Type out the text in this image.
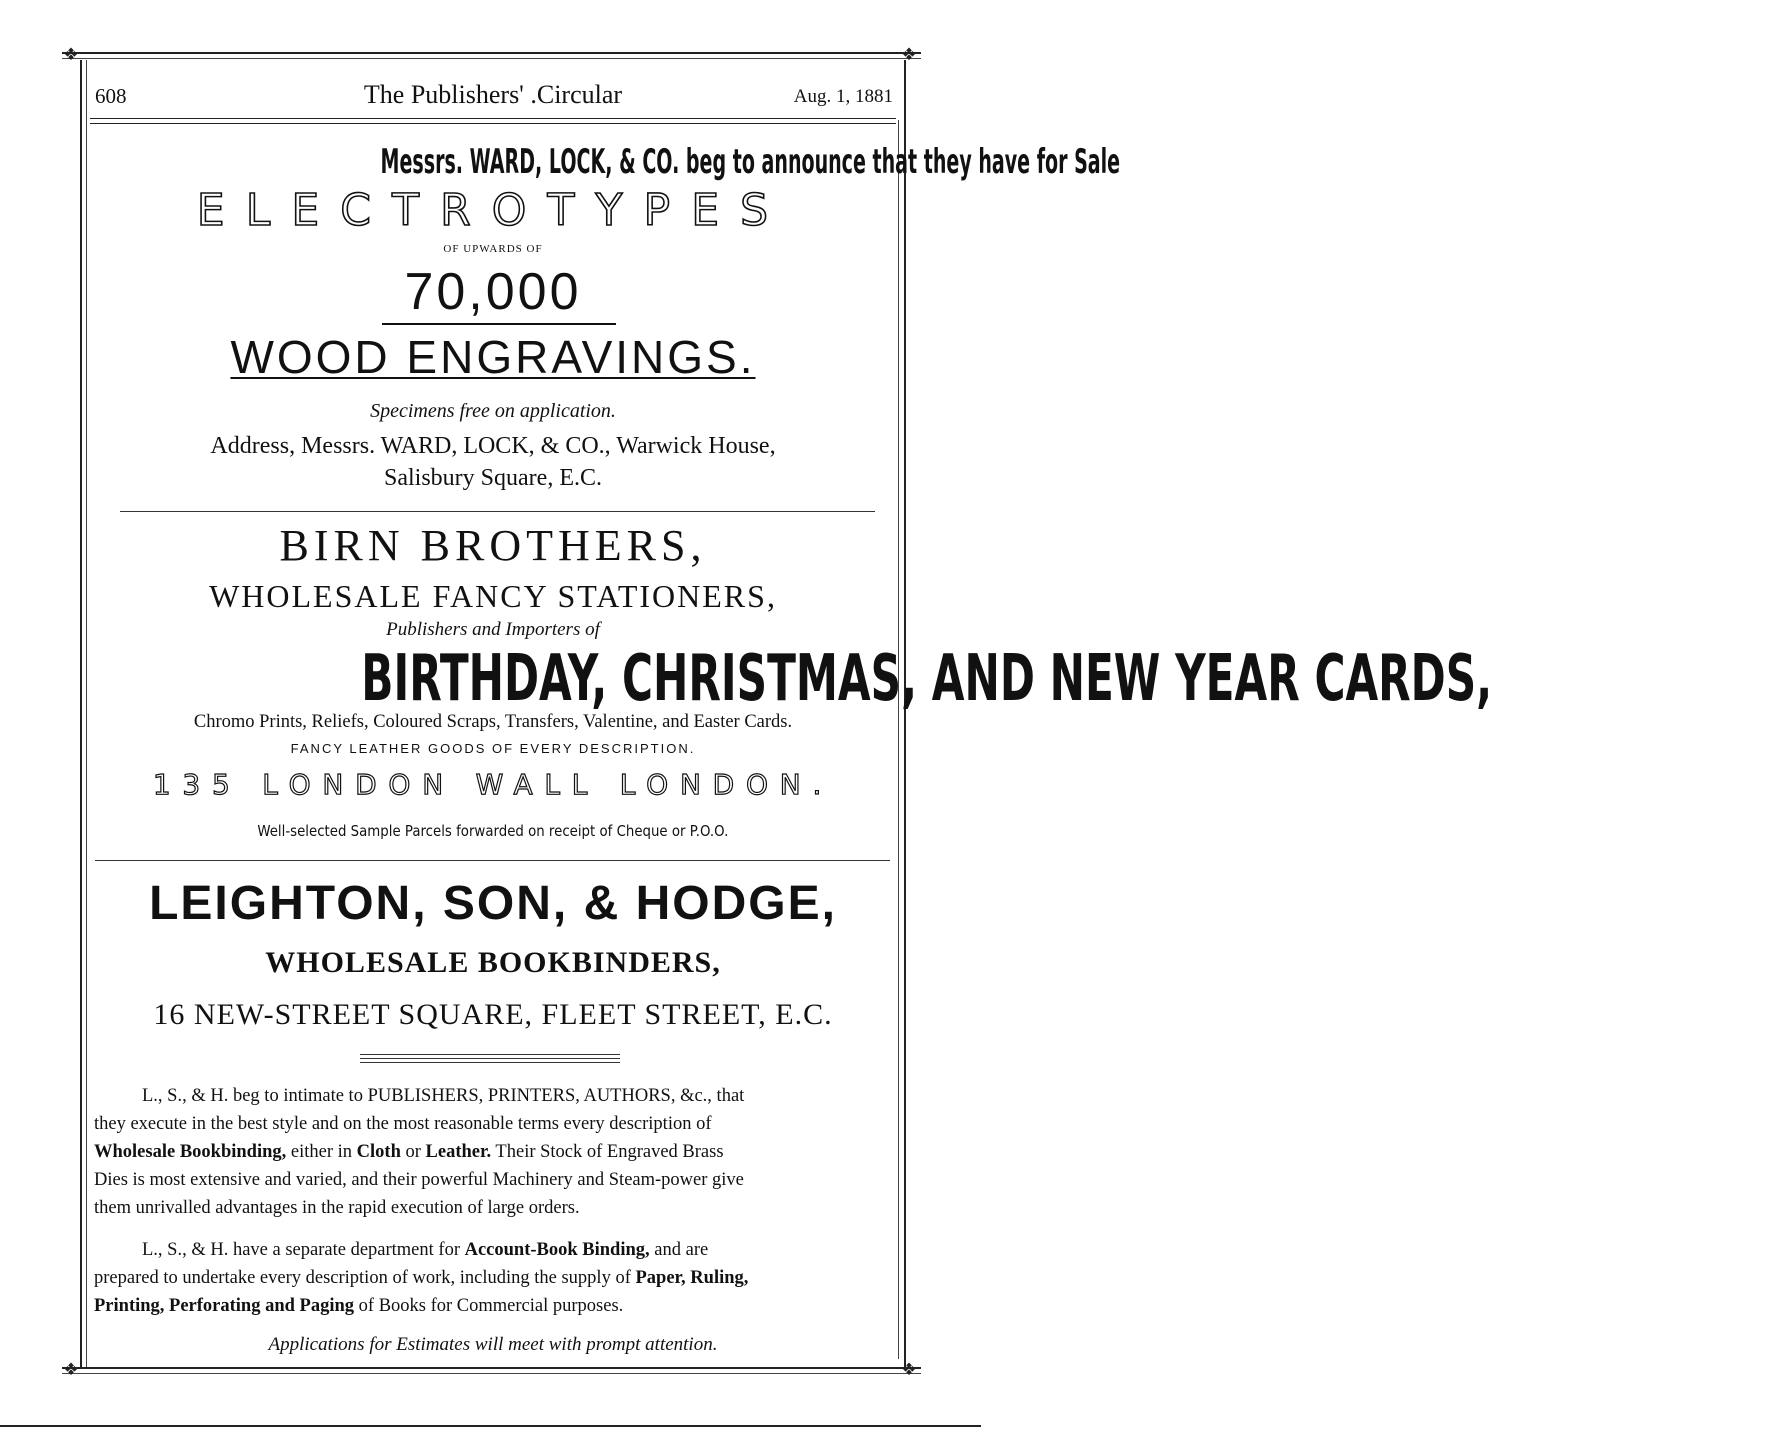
❖	❖
❖	❖
608	The Publishers' .Circular	Aug. 1, 1881
Messrs. WARD, LOCK, & CO. beg to announce that they have for Sale
ELECTROTYPES
OF UPWARDS OF
70,000
WOOD ENGRAVINGS.
Specimens free on application.
Address, Messrs. WARD, LOCK, & CO., Warwick House,
Salisbury Square, E.C.
BIRN BROTHERS,
WHOLESALE FANCY STATIONERS,
Publishers and Importers of
BIRTHDAY, CHRISTMAS, AND NEW YEAR CARDS,
Chromo Prints, Reliefs, Coloured Scraps, Transfers, Valentine, and Easter Cards.
FANCY LEATHER GOODS OF EVERY DESCRIPTION.
135 LONDON WALL LONDON.
Well-selected Sample Parcels forwarded on receipt of Cheque or P.O.O.
LEIGHTON, SON, & HODGE,
WHOLESALE BOOKBINDERS,
16 NEW-STREET SQUARE, FLEET STREET, E.C.
L., S., & H. beg to intimate to PUBLISHERS, PRINTERS, AUTHORS, &c., that
they execute in the best style and on the most reasonable terms every description of
Wholesale Bookbinding, either in Cloth or Leather. Their Stock of Engraved Brass
Dies is most extensive and varied, and their powerful Machinery and Steam-power give
them unrivalled advantages in the rapid execution of large orders.
L., S., & H. have a separate department for Account-Book Binding, and are
prepared to undertake every description of work, including the supply of Paper, Ruling,
Printing, Perforating and Paging of Books for Commercial purposes.
Applications for Estimates will meet with prompt attention.
